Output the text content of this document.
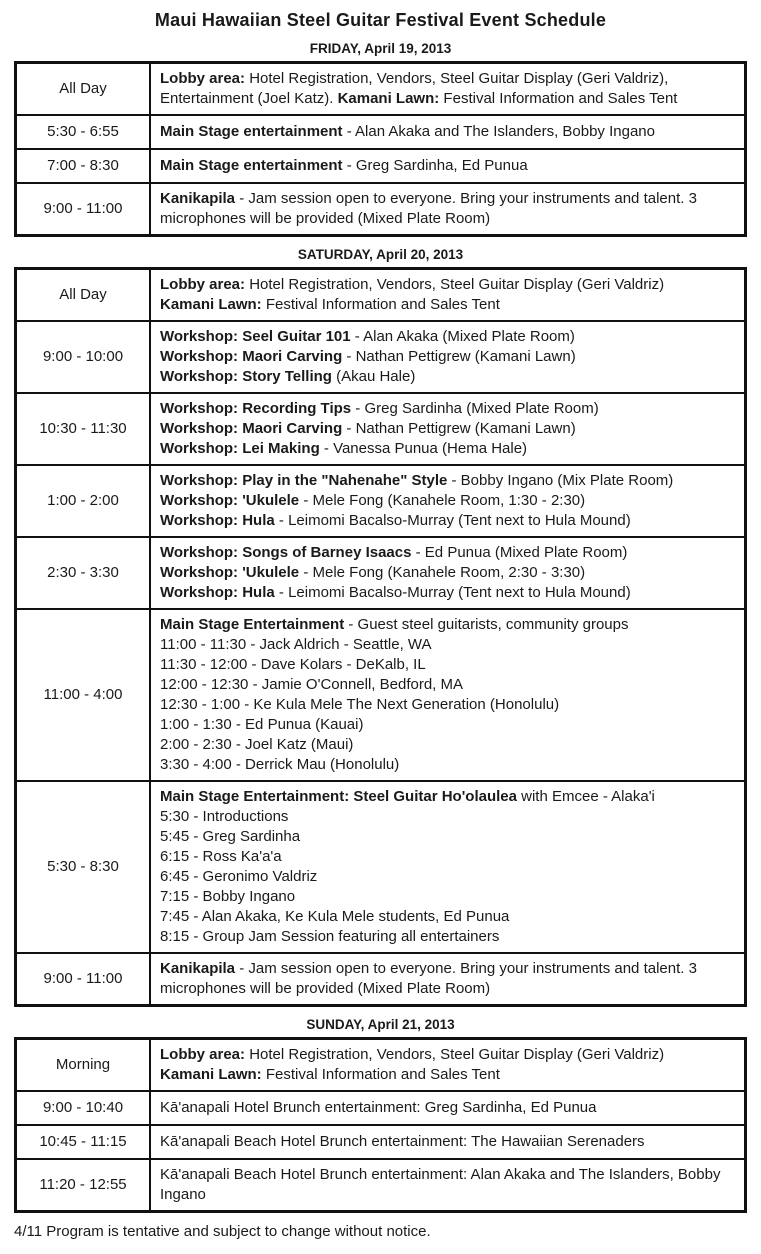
Maui Hawaiian Steel Guitar Festival Event Schedule
FRIDAY, April 19, 2013
All Day	Lobby area: Hotel Registration, Vendors, Steel Guitar Display (Geri Valdriz), Entertainment (Joel Katz). Kamani Lawn: Festival Information and Sales Tent

5:30 - 6:55	Main Stage entertainment - Alan Akaka and The Islanders, Bobby Ingano

7:00 - 8:30	Main Stage entertainment - Greg Sardinha, Ed Punua

9:00 - 11:00	Kanikapila - Jam session open to everyone. Bring your instruments and talent. 3 microphones will be provided (Mixed Plate Room)
SATURDAY, April 20, 2013
All Day	Lobby area: Hotel Registration, Vendors, Steel Guitar Display (Geri Valdriz)
Kamani Lawn: Festival Information and Sales Tent

9:00 - 10:00	Workshop: Seel Guitar 101 - Alan Akaka (Mixed Plate Room)
Workshop: Maori Carving - Nathan Pettigrew (Kamani Lawn)
Workshop: Story Telling (Akau Hale)

10:30 - 11:30	Workshop: Recording Tips - Greg Sardinha (Mixed Plate Room)
Workshop: Maori Carving - Nathan Pettigrew (Kamani Lawn)
Workshop: Lei Making - Vanessa Punua (Hema Hale)

1:00 - 2:00	Workshop: Play in the "Nahenahe" Style - Bobby Ingano (Mix Plate Room)
Workshop: 'Ukulele - Mele Fong (Kanahele Room, 1:30 - 2:30)
Workshop: Hula - Leimomi Bacalso-Murray (Tent next to Hula Mound)

2:30 - 3:30	Workshop: Songs of Barney Isaacs - Ed Punua (Mixed Plate Room)
Workshop: 'Ukulele - Mele Fong (Kanahele Room, 2:30 - 3:30)
Workshop: Hula - Leimomi Bacalso-Murray (Tent next to Hula Mound)

11:00 - 4:00	
Main Stage Entertainment - Guest steel guitarists, community groups
11:00 - 11:30 - Jack Aldrich - Seattle, WA
11:30 - 12:00 - Dave Kolars - DeKalb, IL
12:00 - 12:30 - Jamie O'Connell, Bedford, MA
12:30 - 1:00 - Ke Kula Mele The Next Generation (Honolulu)
1:00 - 1:30 - Ed Punua (Kauai)
2:00 - 2:30 - Joel Katz (Maui)
3:30 - 4:00 - Derrick Mau (Honolulu)

5:30 - 8:30	
Main Stage Entertainment: Steel Guitar Ho'olaulea with Emcee - Alaka'i
5:30 - Introductions
5:45 - Greg Sardinha
6:15 - Ross Ka'a'a
6:45 - Geronimo Valdriz
7:15 - Bobby Ingano
7:45 - Alan Akaka, Ke Kula Mele students, Ed Punua
8:15 - Group Jam Session featuring all entertainers

9:00 - 11:00	Kanikapila - Jam session open to everyone. Bring your instruments and talent. 3 microphones will be provided (Mixed Plate Room)
SUNDAY, April 21, 2013
Morning	Lobby area: Hotel Registration, Vendors, Steel Guitar Display (Geri Valdriz)
Kamani Lawn: Festival Information and Sales Tent

9:00 - 10:40	Kā'anapali Hotel Brunch entertainment: Greg Sardinha, Ed Punua

10:45 - 11:15	Kā'anapali Beach Hotel Brunch entertainment: The Hawaiian Serenaders

11:20 - 12:55	Kā'anapali Beach Hotel Brunch entertainment: Alan Akaka and The Islanders, Bobby Ingano
4/11 Program is tentative and subject to change without notice.
